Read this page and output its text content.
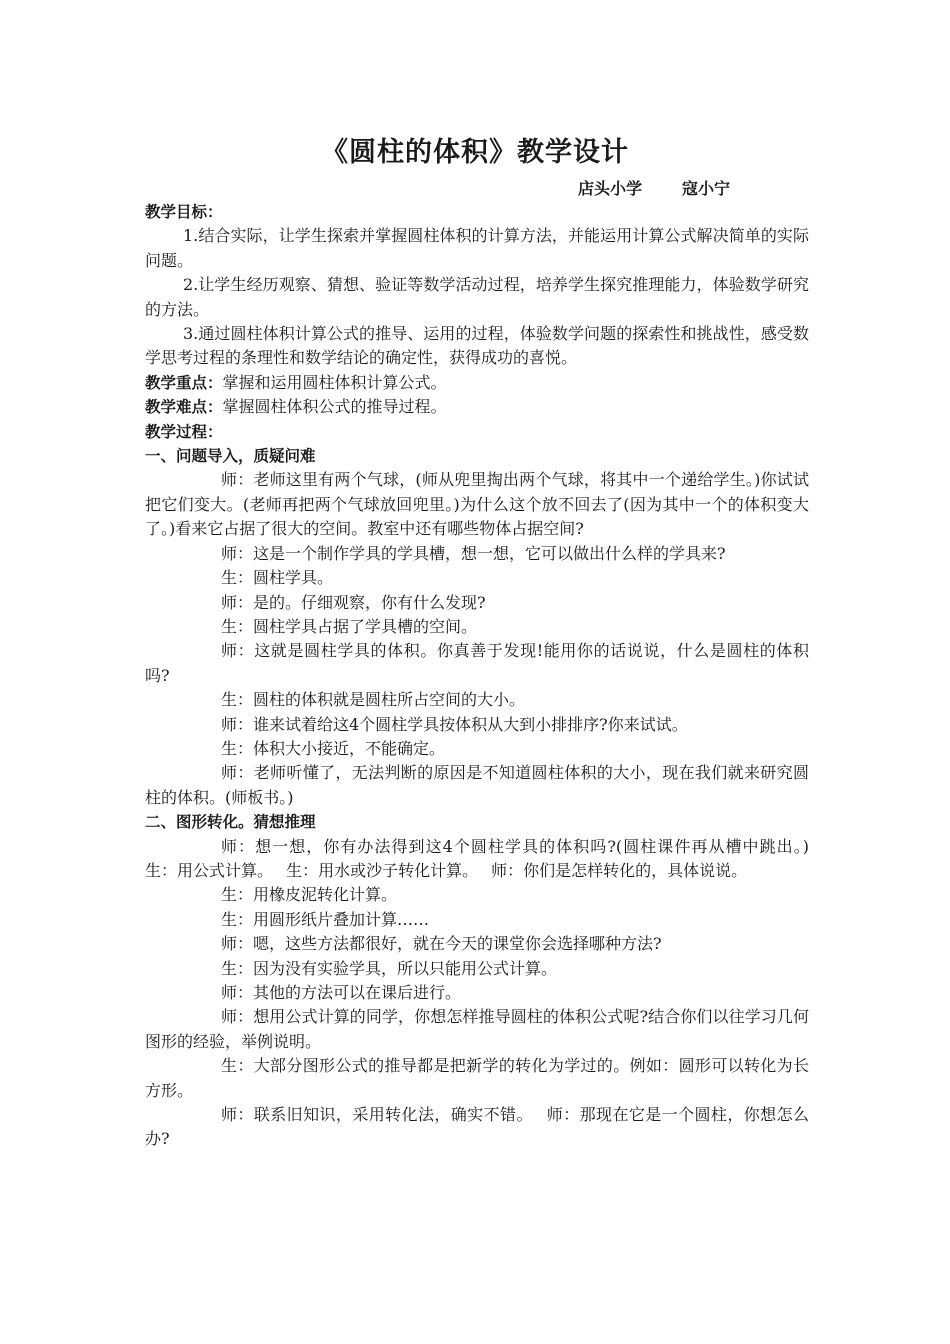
《圆柱的体积》教学设计
店头小学	寇小宁

教学目标：

1.结合实际，让学生探索并掌握圆柱体积的计算方法，并能运用计算公式解决简单的实际问题。

2.让学生经历观察、猜想、验证等数学活动过程，培养学生探究推理能力，体验数学研究的方法。

3.通过圆柱体积计算公式的推导、运用的过程，体验数学问题的探索性和挑战性，感受数学思考过程的条理性和数学结论的确定性，获得成功的喜悦。

教学重点：掌握和运用圆柱体积计算公式。

教学难点：掌握圆柱体积公式的推导过程。

教学过程：

一、问题导入，质疑问难

师：老师这里有两个气球，(师从兜里掏出两个气球，将其中一个递给学生。)你试试把它们变大。(老师再把两个气球放回兜里。)为什么这个放不回去了(因为其中一个的体积变大了。)看来它占据了很大的空间。教室中还有哪些物体占据空间?

师：这是一个制作学具的学具槽，想一想，它可以做出什么样的学具来?

生：圆柱学具。

师：是的。仔细观察，你有什么发现?

生：圆柱学具占据了学具槽的空间。

师：这就是圆柱学具的体积。你真善于发现!能用你的话说说，什么是圆柱的体积吗?

生：圆柱的体积就是圆柱所占空间的大小。

师：谁来试着给这4个圆柱学具按体积从大到小排排序?你来试试。

生：体积大小接近，不能确定。

师：老师听懂了，无法判断的原因是不知道圆柱体积的大小，现在我们就来研究圆柱的体积。(师板书。)

二、图形转化。猜想推理

师：想一想，你有办法得到这4个圆柱学具的体积吗?(圆柱课件再从槽中跳出。)　 生：用公式计算。　 生：用水或沙子转化计算。　 师：你们是怎样转化的，具体说说。

生：用橡皮泥转化计算。

生：用圆形纸片叠加计算……

师：嗯，这些方法都很好，就在今天的课堂你会选择哪种方法?

生：因为没有实验学具，所以只能用公式计算。

师：其他的方法可以在课后进行。

师：想用公式计算的同学，你想怎样推导圆柱的体积公式呢?结合你们以往学习几何图形的经验，举例说明。

生：大部分图形公式的推导都是把新学的转化为学过的。例如：圆形可以转化为长方形。

师：联系旧知识，采用转化法，确实不错。　 师：那现在它是一个圆柱，你想怎么办?
